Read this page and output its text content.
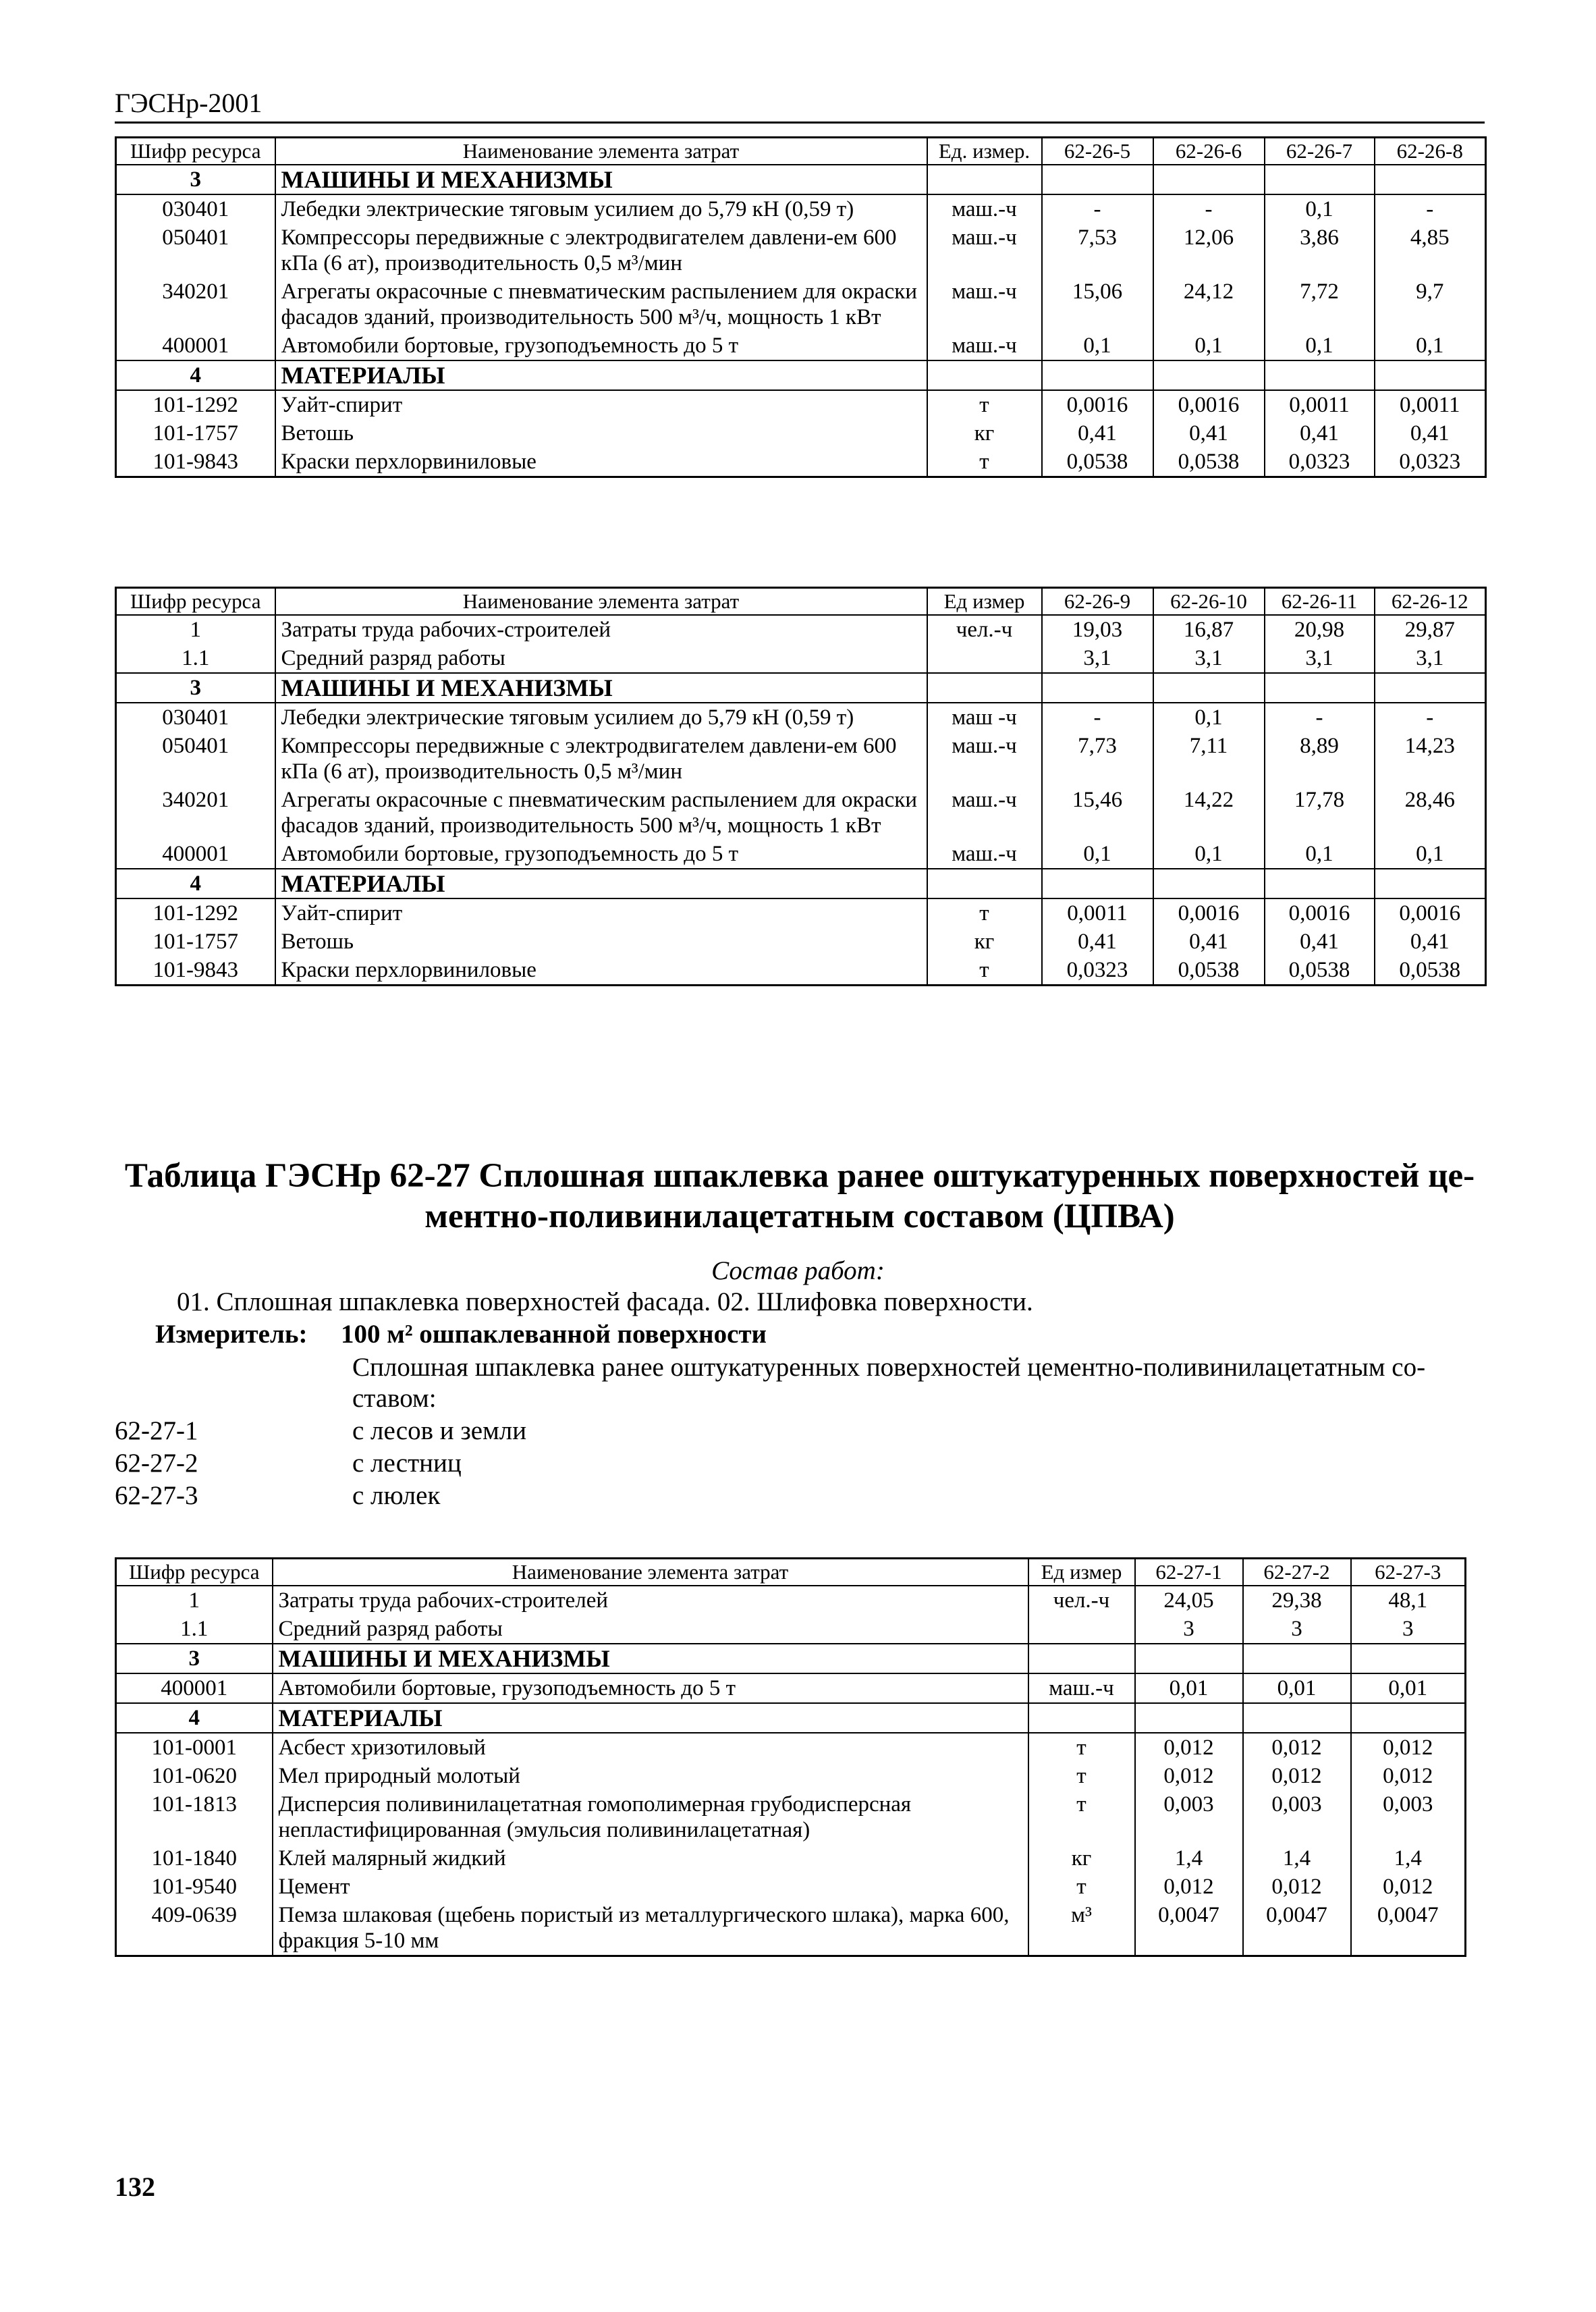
ГЭСНр-2001
Шифр ресурса	Наименование элемента затрат	Ед. измер.	62-26-5	62-26-6	62-26-7	62-26-8
3	МАШИНЫ И МЕХАНИЗМЫ					
030401	Лебедки электрические тяговым усилием до 5,79 кН (0,59 т)	маш.-ч	-	-	0,1	-
050401	Компрессоры передвижные с электродвигателем давлени-ем 600 кПа (6 ат), производительность 0,5 м³/мин	маш.-ч	7,53	12,06	3,86	4,85
340201	Агрегаты окрасочные с пневматическим распылением для окраски фасадов зданий, производительность 500 м³/ч, мощность 1 кВт	маш.-ч	15,06	24,12	7,72	9,7
400001	Автомобили бортовые, грузоподъемность до 5 т	маш.-ч	0,1	0,1	0,1	0,1
4	МАТЕРИАЛЫ					
101-1292	Уайт-спирит	т	0,0016	0,0016	0,0011	0,0011
101-1757	Ветошь	кг	0,41	0,41	0,41	0,41
101-9843	Краски перхлорвиниловые	т	0,0538	0,0538	0,0323	0,0323
Шифр ресурса	Наименование элемента затрат	Ед измер	62-26-9	62-26-10	62-26-11	62-26-12
1	Затраты труда рабочих-строителей	чел.-ч	19,03	16,87	20,98	29,87
1.1	Средний разряд работы		3,1	3,1	3,1	3,1
3	МАШИНЫ И МЕХАНИЗМЫ					
030401	Лебедки электрические тяговым усилием до 5,79 кН (0,59 т)	маш -ч	-	0,1	-	-
050401	Компрессоры передвижные с электродвигателем давлени-ем 600 кПа (6 ат), производительность 0,5 м³/мин	маш.-ч	7,73	7,11	8,89	14,23
340201	Агрегаты окрасочные с пневматическим распылением для окраски фасадов зданий, производительность 500 м³/ч, мощность 1 кВт	маш.-ч	15,46	14,22	17,78	28,46
400001	Автомобили бортовые, грузоподъемность до 5 т	маш.-ч	0,1	0,1	0,1	0,1
4	МАТЕРИАЛЫ					
101-1292	Уайт-спирит	т	0,0011	0,0016	0,0016	0,0016
101-1757	Ветошь	кг	0,41	0,41	0,41	0,41
101-9843	Краски перхлорвиниловые	т	0,0323	0,0538	0,0538	0,0538
Таблица ГЭСНр 62-27 Сплошная шпаклевка ранее оштукатуренных поверхностей це-ментно-поливинилацетатным составом (ЦПВА)
Состав работ:
01. Сплошная шпаклевка поверхностей фасада. 02. Шлифовка поверхности.
Измеритель: 100 м² ошпаклеванной поверхности
Сплошная шпаклевка ранее оштукатуренных поверхностей цементно-поливинилацетатным со-ставом:
62-27-1	с лесов и земли
62-27-2	с лестниц
62-27-3	с люлек
Шифр ресурса	Наименование элемента затрат	Ед измер	62-27-1	62-27-2	62-27-3
1	Затраты труда рабочих-строителей	чел.-ч	24,05	29,38	48,1
1.1	Средний разряд работы		3	3	3
3	МАШИНЫ И МЕХАНИЗМЫ				
400001	Автомобили бортовые, грузоподъемность до 5 т	маш.-ч	0,01	0,01	0,01
4	МАТЕРИАЛЫ				
101-0001	Асбест хризотиловый	т	0,012	0,012	0,012
101-0620	Мел природный молотый	т	0,012	0,012	0,012
101-1813	Дисперсия поливинилацетатная гомополимерная грубодисперсная непластифицированная (эмульсия поливинилацетатная)	т	0,003	0,003	0,003
101-1840	Клей малярный жидкий	кг	1,4	1,4	1,4
101-9540	Цемент	т	0,012	0,012	0,012
409-0639	Пемза шлаковая (щебень пористый из металлургического шлака), марка 600, фракция 5-10 мм	м³	0,0047	0,0047	0,0047
132
